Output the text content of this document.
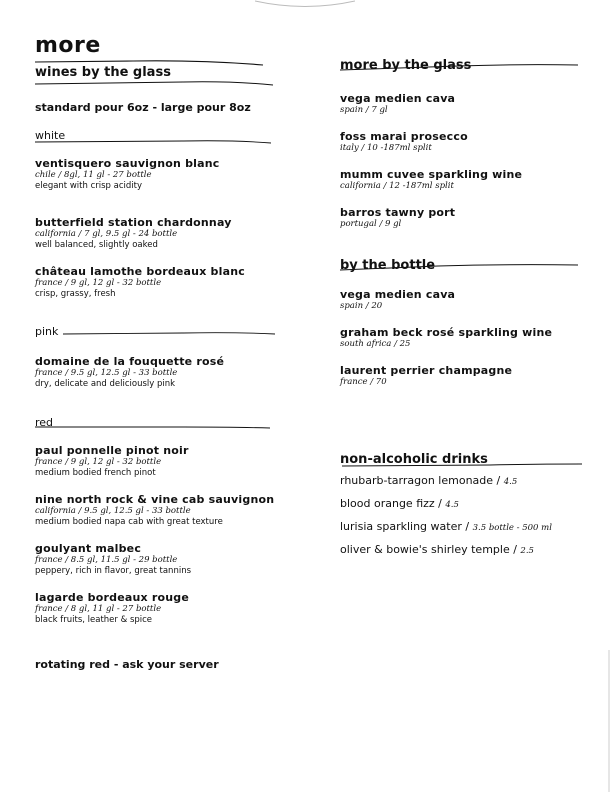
more
wines by the glass
standard pour 6oz - large pour 8oz
white
ventisquero sauvignon blanc
chile / 8gl, 11 gl - 27 bottle
elegant with crisp acidity
butterfield station chardonnay
california / 7 gl, 9.5 gl - 24 bottle
well balanced, slightly oaked
château lamothe bordeaux blanc
france / 9 gl, 12 gl - 32 bottle
crisp, grassy, fresh
pink
domaine de la fouquette rosé
france / 9.5 gl, 12.5 gl - 33 bottle
dry, delicate and deliciously pink
red
paul ponnelle pinot noir
france / 9 gl, 12 gl - 32 bottle
medium bodied french pinot
nine north rock & vine cab sauvignon
california / 9.5 gl, 12.5 gl - 33 bottle
medium bodied napa cab with great texture
goulyant malbec
france / 8.5 gl, 11.5 gl - 29 bottle
peppery, rich in flavor, great tannins
lagarde bordeaux rouge
france / 8 gl, 11 gl - 27 bottle
black fruits, leather & spice
rotating red - ask your server
more by the glass
vega medien cava
spain / 7 gl
foss marai prosecco
italy / 10 -187ml split
mumm cuvee sparkling wine
california / 12 -187ml split
barros tawny port
portugal / 9 gl
by the bottle
vega medien cava
spain / 20
graham beck rosé sparkling wine
south africa / 25
laurent perrier champagne
france / 70
non-alcoholic drinks
rhubarb-tarragon lemonade / 4.5
blood orange fizz / 4.5
lurisia sparkling water / 3.5 bottle - 500 ml
oliver & bowie's shirley temple / 2.5
